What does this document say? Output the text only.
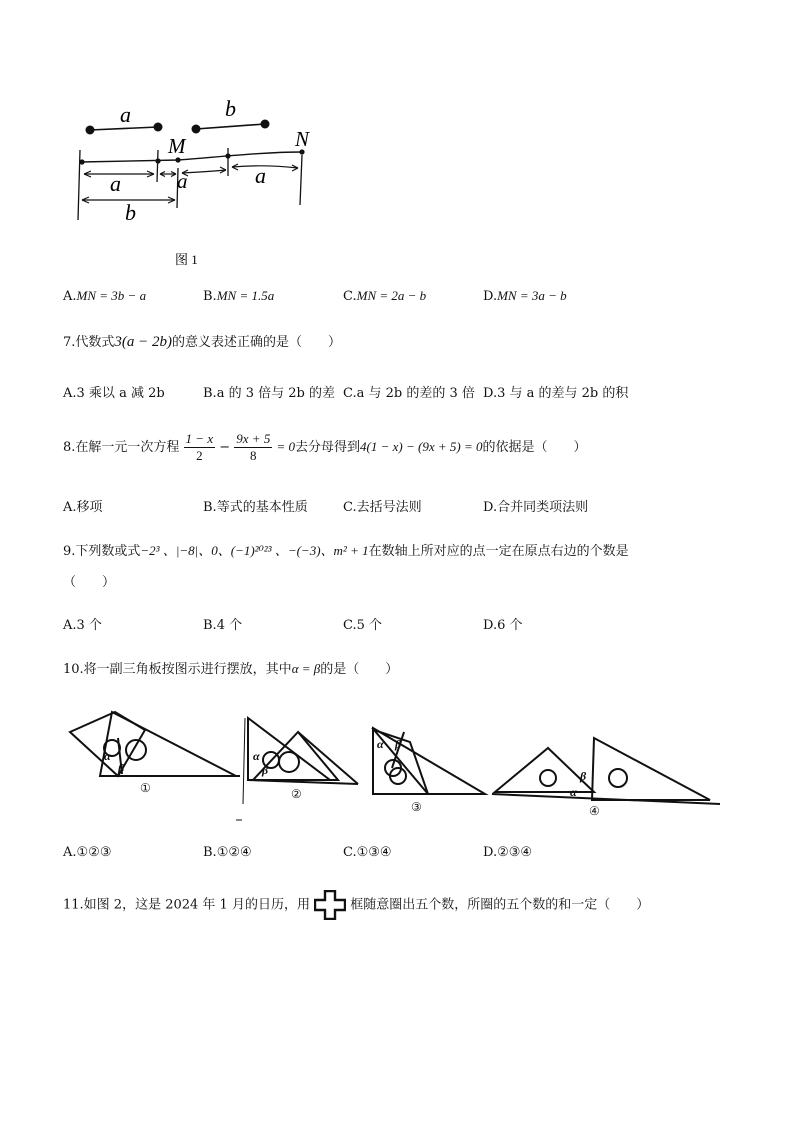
a	b
M	N
a	a	a
b
图 1
A.MN = 3b − a	B.MN = 1.5a	C.MN = 2a − b	D.MN = 3a − b
7.代数式3(a − 2b)的意义表述正确的是（　　）
A.3 乘以 a 减 2b	B.a 的 3 倍与 2b 的差 C.a 与 2b 的差的 3 倍 D.3 与 a 的差与 2b 的积
8.在解一元一次方程 $\frac{1 - x}{2} - \frac{9x + 5}{8} = 0$去分母得到4(1 − x) − (9x + 5) = 0的依据是（　　）
A.移项	B.等式的基本性质	C.去括号法则	D.合并同类项法则
9.下列数或式−2³ 、|−8|、0、(−1)²⁰²³ 、−(−3)、m² + 1在数轴上所对应的点一定在原点右边的个数是
（　　）
A.3 个	B.4 个	C.5 个	D.6 个
10.将一副三角板按图示进行摆放，其中α = β的是（　　）
α
β
α
β
α β
β
α
①	②
③	④
A.①②③	B.①②④	C.①③④	D.②③④
11.如图 2，这是 2024 年 1 月的日历，用	框随意圈出五个数，所圈的五个数的和一定（　　）
